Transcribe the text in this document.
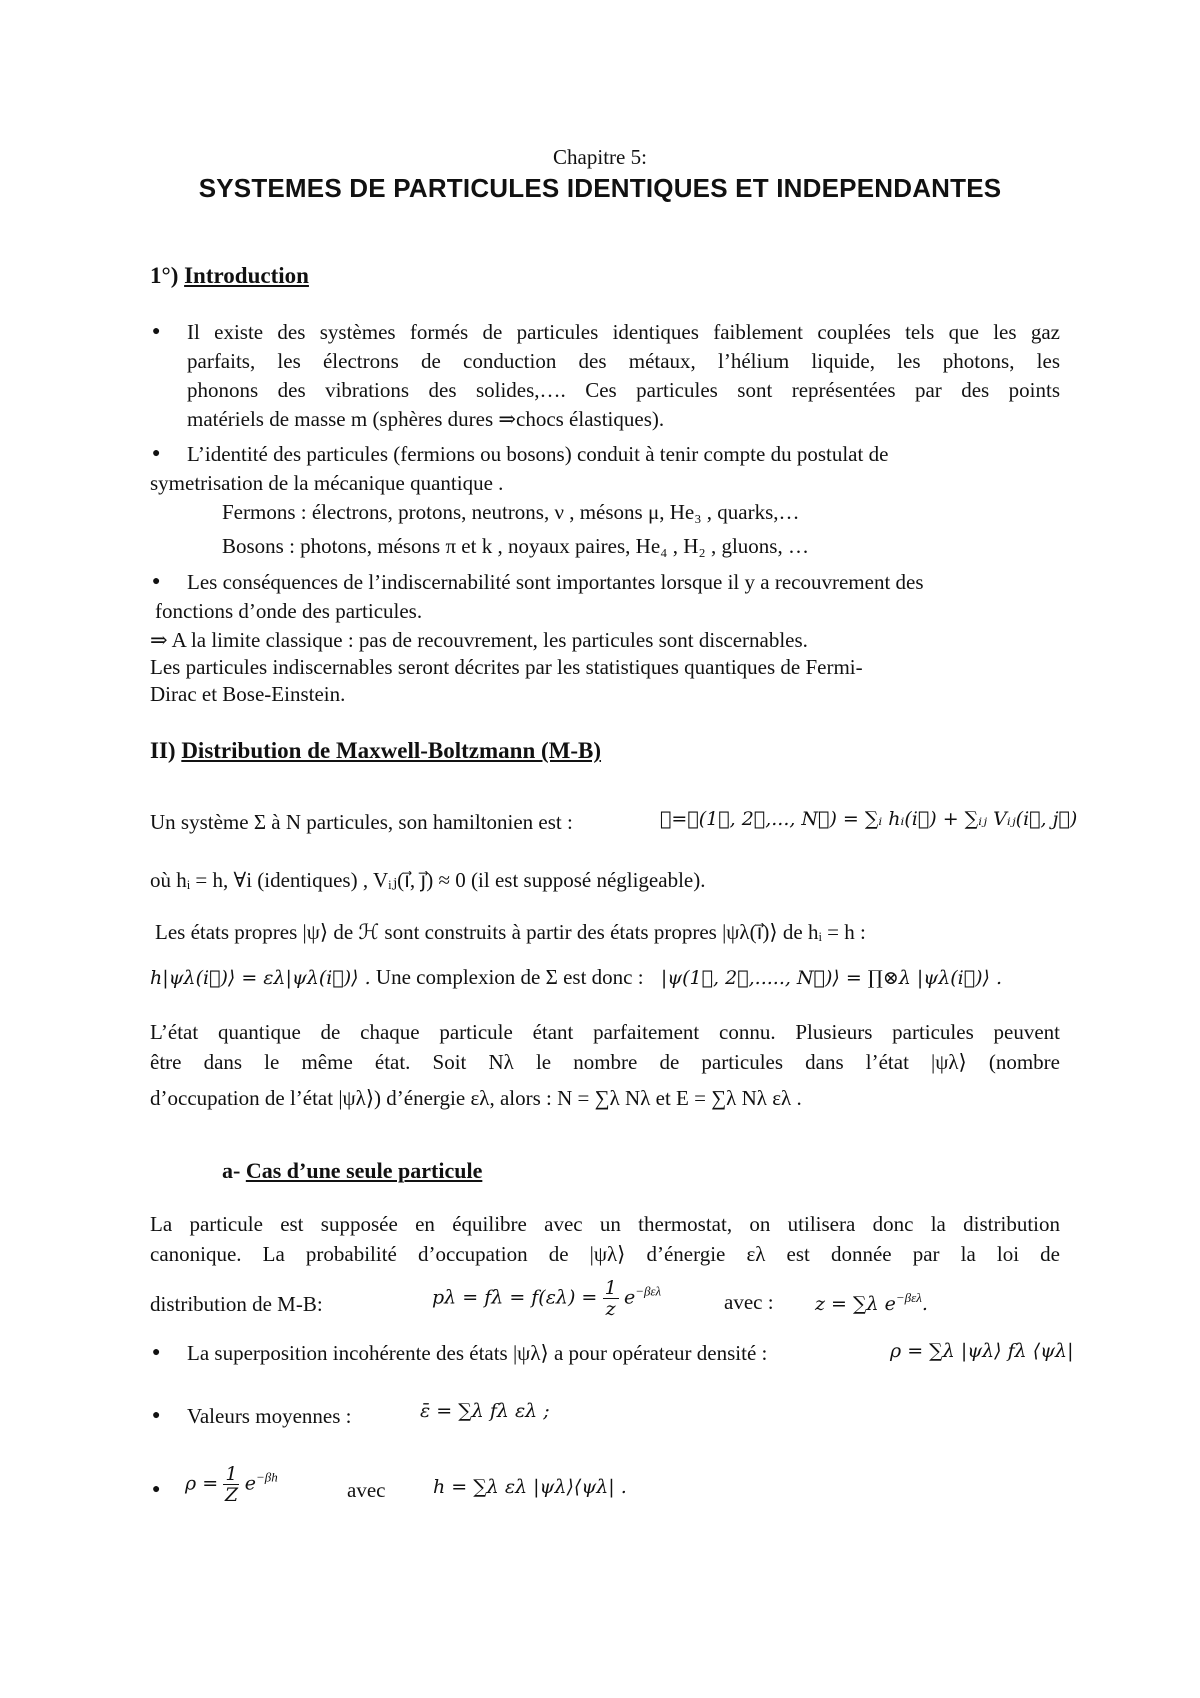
Chapitre 5:
SYSTEMES DE PARTICULES IDENTIQUES ET INDEPENDANTES
1°) Introduction
● Il existe des systèmes formés de particules identiques faiblement couplées tels que les gaz
parfaits, les électrons de conduction des métaux, l’hélium liquide, les photons, les
phonons des vibrations des solides,…. Ces particules sont représentées par des points
matériels de masse m (sphères dures ⇒chocs élastiques).
● L’identité des particules (fermions ou bosons) conduit à tenir compte du postulat de
symetrisation de la mécanique quantique .
Fermons : électrons, protons, neutrons, ν , mésons μ, He₃ , quarks,…
Bosons : photons, mésons π et k , noyaux paires, He₄ , H₂ , gluons, …
● Les conséquences de l’indiscernabilité sont importantes lorsque il y a recouvrement des
fonctions d’onde des particules.
⇒ A la limite classique : pas de recouvrement, les particules sont discernables.
Les particules indiscernables seront décrites par les statistiques quantiques de Fermi-
Dirac et Bose-Einstein.
II) Distribution de Maxwell-Boltzmann (M-B)
Un système Σ à N particules, son hamiltonien est :	ℋ=ℋ(1⃗, 2⃗,..., N⃗) = ∑ᵢ hᵢ(i⃗) + ∑ᵢⱼ Vᵢⱼ(i⃗, j⃗)
où hᵢ = h, ∀i (identiques) , Vᵢⱼ(i⃗, j⃗) ≈ 0 (il est supposé négligeable).
Les états propres |ψ⟩ de ℋ sont construits à partir des états propres |ψλ(i⃗)⟩ de hᵢ = h :
h|ψλ(i⃗)⟩ = ελ|ψλ(i⃗)⟩ . Une complexion de Σ est donc : |ψ(1⃗, 2⃗,....., N⃗)⟩ = ∏⊗λ |ψλ(i⃗)⟩ .
L’état quantique de chaque particule étant parfaitement connu. Plusieurs particules peuvent
être dans le même état. Soit Nλ le nombre de particules dans l’état |ψλ⟩ (nombre
d’occupation de l’état |ψλ⟩) d’énergie ελ, alors : N = ∑λ Nλ et E = ∑λ Nλ ελ .
a- Cas d’une seule particule
La particule est supposée en équilibre avec un thermostat, on utilisera donc la distribution
canonique. La probabilité d’occupation de |ψλ⟩ d’énergie ελ est donnée par la loi de
distribution de M-B:	$p\lambda = f\lambda = f(\varepsilon\lambda) = \frac{1}{z} e^{-\beta\varepsilon\lambda}$	avec : z = ∑λ $e^{-\beta\varepsilon\lambda}$.
● La superposition incohérente des états |ψλ⟩ a pour opérateur densité :	ρ = ∑λ |ψλ⟩ fλ ⟨ψλ|
● Valeurs moyennes :	ε̄ = ∑λ fλ ελ ;
● $\rho = \frac{1}{Z} e^{-\beta h}$
avec	h = ∑λ ελ |ψλ⟩⟨ψλ| .
